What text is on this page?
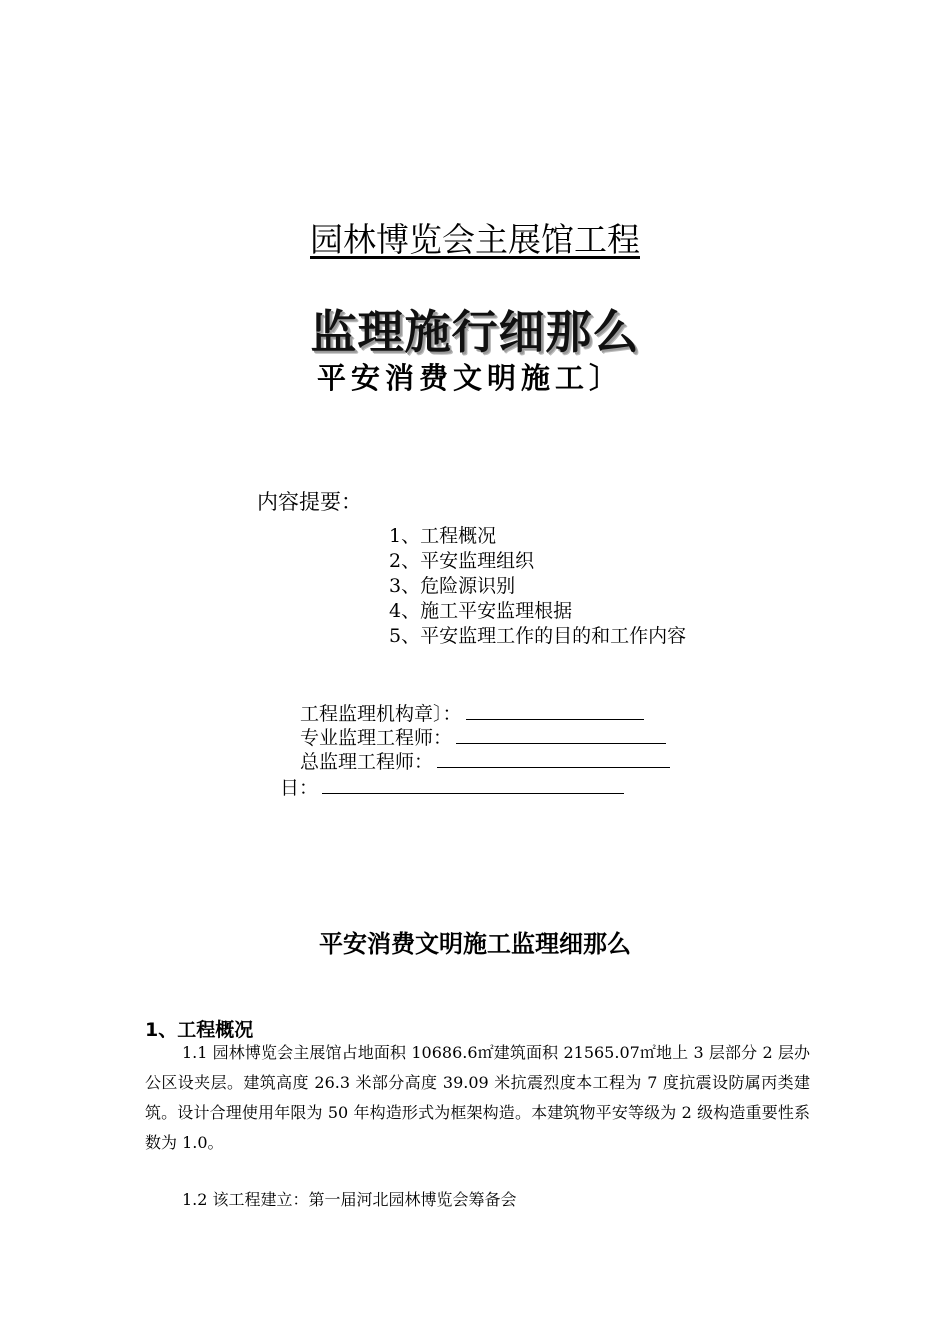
园林博览会主展馆工程
监理施行细那么
平安消费文明施工〕
内容提要：
1、工程概况
2、平安监理组织
3、危险源识别
4、施工平安监理根据
5、平安监理工作的目的和工作内容
工程监理机构章〕：
专业监理工程师：
总监理工程师：
日：
平安消费文明施工监理细那么
1、工程概况

1.1 园林博览会主展馆占地面积 10686.6㎡建筑面积 21565.07㎡地上 3 层部分 2 层办公区设夹层。建筑高度 26.3 米部分高度 39.09 米抗震烈度本工程为 7 度抗震设防属丙类建筑。设计合理使用年限为 50 年构造形式为框架构造。本建筑物平安等级为 2 级构造重要性系数为 1.0。

1.2 该工程建立：第一届河北园林博览会筹备会
